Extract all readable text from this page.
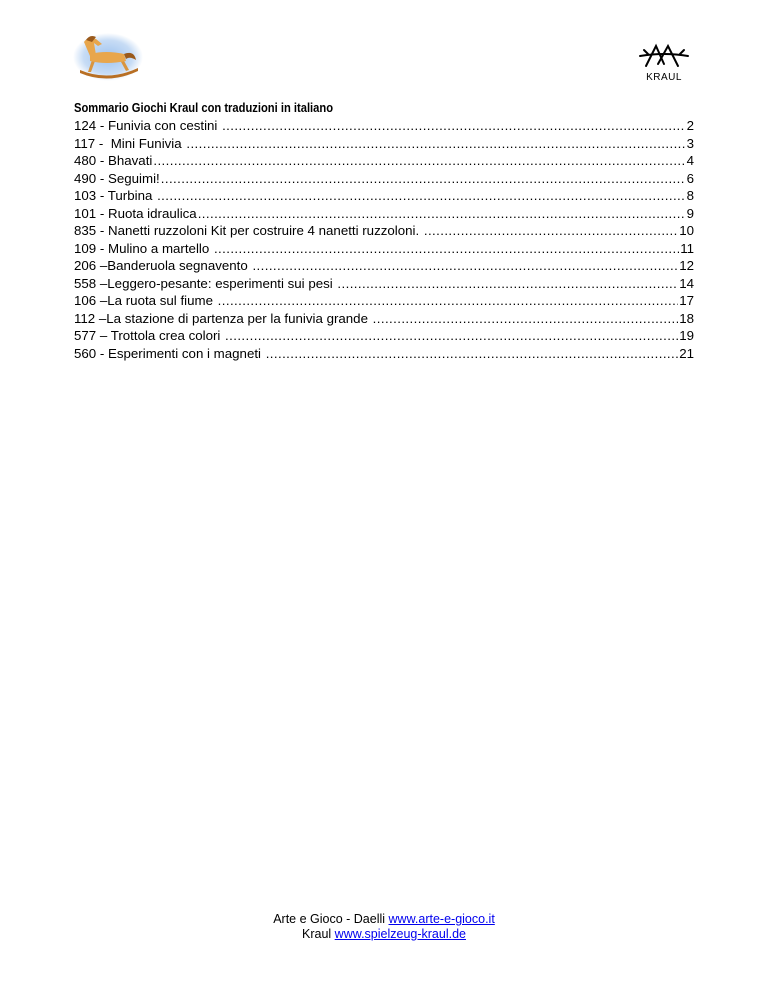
KRAUL
Sommario Giochi Kraul con traduzioni in italiano
124 - Funivia con cestini .....	2
117 -  Mini Funivia .....	3
480 - Bhavati .....	4
490 - Seguimi! .....	6
103 - Turbina .....	8
101 - Ruota idraulica .....	9
835 - Nanetti ruzzoloni Kit per costruire 4 nanetti ruzzoloni. .....	10
109 - Mulino a martello .....	11
206 –Banderuola segnavento .....	12
558 –Leggero-pesante: esperimenti sui pesi .....	14
106 –La ruota sul fiume .....	17
112 –La stazione di partenza per la funivia grande .....	18
577 – Trottola crea colori .....	19
560 - Esperimenti con i magneti .....	21
Arte e Gioco - Daelli www.arte-e-gioco.it
Kraul www.spielzeug-kraul.de
